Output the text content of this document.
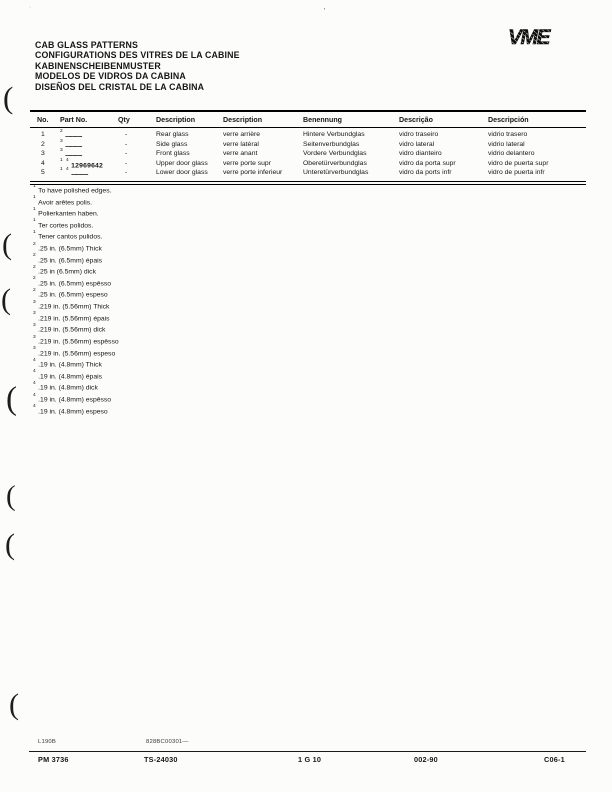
VME
CAB GLASS PATTERNS
CONFIGURATIONS DES VITRES DE LA CABINE
KABINENSCHEIBENMUSTER
MODELOS DE VIDROS DA CABINA
DISEÑOS DEL CRISTAL DE LA CABINA
No.	Part No.	Qty	Description	Description	Benennung	Descrição	Descripción
1	$^2$----------	-	Rear glass	verre arrière	Hintere Verbundglas	vidro traseiro	vidrio trasero
2	$^3$----------	-	Side glass	verre latéral	Seitenverbundglas	vidro lateral	vidrio lateral
3	$^3$----------	-	Front glass	verre anant	Vordere Verbundglas	vidro dianteiro	vidrio delantero
4	$^{1 4}$12969642	-	Upper door glass	verre porte supr	Oberetürverbundglas	vidro da porta supr	vidro de puerta supr
5	$^{1 4}$----------	-	Lower door glass	verre porte inferieur	Unteretürverbundglas	vidro da ports infr	vidro de puerta infr
$^1$To have polished edges.
$^1$Avoir arêtes polis.
$^1$Polierkanten haben.
$^1$Ter cortes polidos.
$^1$Tener cantos pulidos.
$^2$.25 in. (6.5mm) Thick
$^2$.25 in. (6.5mm) épais
$^2$.25 in (6.5mm) dick
$^2$.25 in. (6.5mm) espêsso
$^2$.25 in. (6.5mm) espeso
$^3$.219 in. (5.56mm) Thick
$^3$.219 in. (5.56mm) épais
$^3$.219 in. (5.56mm) dick
$^3$.219 in. (5.56mm) espêsso
$^3$.219 in. (5.56mm) espeso
$^4$.19 in. (4.8mm) Thick
$^4$.19 in. (4.8mm) épais
$^4$.19 in. (4.8mm) dick
$^4$.19 in. (4.8mm) espêsso
$^4$.19 in. (4.8mm) espeso
L190B	828BC00301—
PM 3736	TS-24030	1 G 10	002-90	C06-1
(
(
(
(
(
(
(
'
·
